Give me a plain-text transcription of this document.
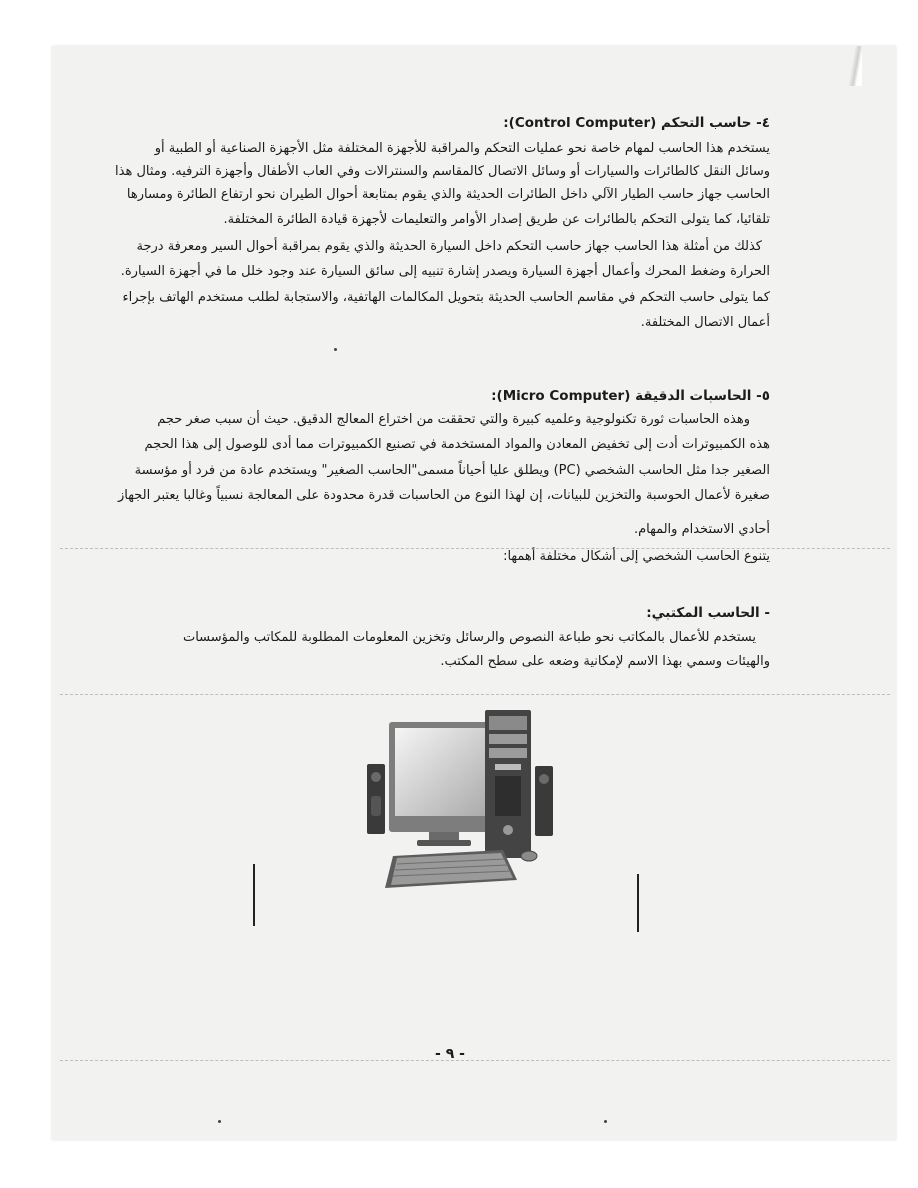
٤- حاسب التحكم (Control Computer):
يستخدم هذا الحاسب لمهام خاصة نحو عمليات التحكم والمراقبة للأجهزة المختلفة مثل الأجهزة الصناعية أو الطبية أو
وسائل النقل كالطائرات والسيارات أو وسائل الاتصال كالمقاسم والسنترالات وفي العاب الأطفال وأجهزة الترفيه. ومثال هذا
الحاسب جهاز حاسب الطيار الآلي داخل الطائرات الحديثة والذي يقوم بمتابعة أحوال الطيران نحو ارتفاع الطائرة ومسارها
تلقائيا، كما يتولى التحكم بالطائرات عن طريق إصدار الأوامر والتعليمات لأجهزة قيادة الطائرة المختلفة.
كذلك من أمثلة هذا الحاسب جهاز حاسب التحكم داخل السيارة الحديثة والذي يقوم بمراقبة أحوال السير ومعرفة درجة
الحرارة وضغط المحرك وأعمال أجهزة السيارة ويصدر إشارة تنبيه إلى سائق السيارة عند وجود خلل ما في أجهزة السيارة.
كما يتولى حاسب التحكم في مقاسم الحاسب الحديثة بتحويل المكالمات الهاتفية، والاستجابة لطلب مستخدم الهاتف بإجراء
أعمال الاتصال المختلفة.
٥- الحاسبات الدقيقة (Micro Computer):
وهذه الحاسبات ثورة تكنولوجية وعلميه كبيرة والتي تحققت من اختراع المعالج الدقيق. حيث أن سبب صغر حجم
هذه الكمبيوترات أدت إلى تخفيض المعادن والمواد المستخدمة في تصنيع الكمبيوترات مما أدى للوصول إلى هذا الحجم
الصغير جدا مثل الحاسب الشخصي (PC) ويطلق عليا أحياناً مسمى"الحاسب الصغير" ويستخدم عادة من فرد أو مؤسسة
صغيرة لأعمال الحوسبة والتخزين للبيانات، إن لهذا النوع من الحاسبات قدرة محدودة على المعالجة نسبياً وغالبا يعتبر الجهاز
أحادي الاستخدام والمهام.
يتنوع الحاسب الشخصي إلى أشكال مختلفة أهمها:
- الحاسب المكتبي:
يستخدم للأعمال بالمكاتب نحو طباعة النصوص والرسائل وتخزين المعلومات المطلوبة للمكاتب والمؤسسات
والهيئات وسمي بهذا الاسم لإمكانية وضعه على سطح المكتب.
- ٩ -
